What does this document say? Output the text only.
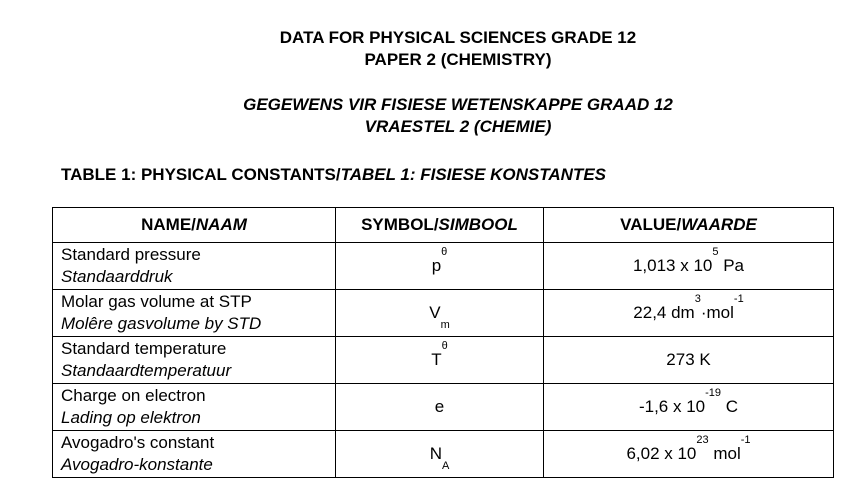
DATA FOR PHYSICAL SCIENCES GRADE 12
PAPER 2 (CHEMISTRY)
GEGEWENS VIR FISIESE WETENSKAPPE GRAAD 12
VRAESTEL 2 (CHEMIE)
TABLE 1: PHYSICAL CONSTANTS/TABEL 1: FISIESE KONSTANTES
NAME/NAAM	SYMBOL/SIMBOOL	VALUE/WAARDE

Standard pressure
Standaarddruk	$p^\theta$	1,013 x $10^5$ Pa

Molar gas volume at STP
Molêre gasvolume by STD	$V_m$	22,4 $dm^3\cdot mol^{-1}$

Standard temperature
Standaardtemperatuur	$T^\theta$	273 K

Charge on electron
Lading op elektron	e	-1,6 x $10^{-19}$ C

Avogadro's constant
Avogadro-konstante	$N_A$	6,02 x $10^{23}$ mol$^{-1}$
